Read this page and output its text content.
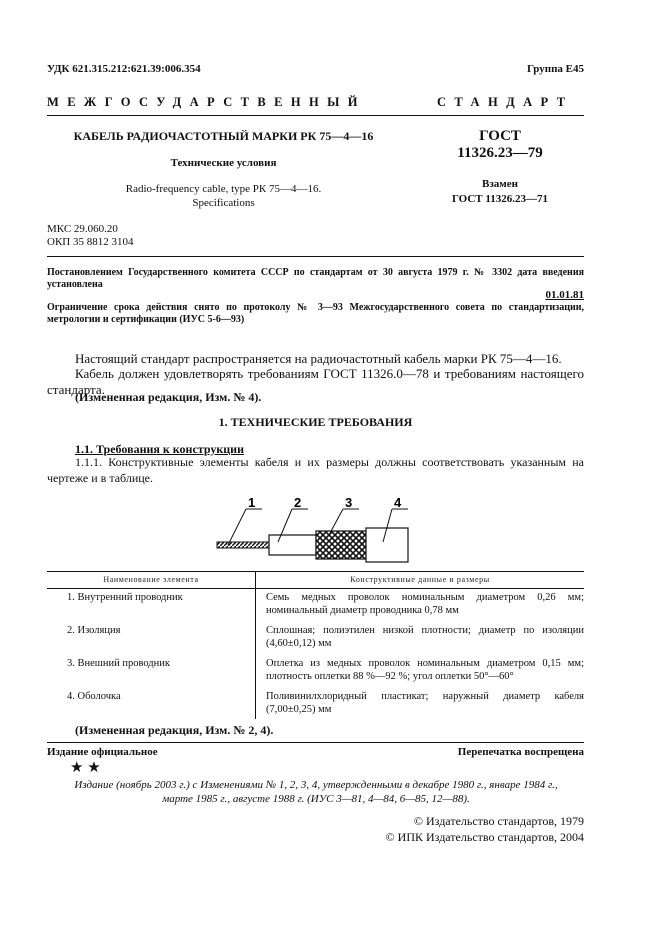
УДК 621.315.212:621.39:006.354	Группа Е45
МЕЖГОСУДАРСТВЕННЫЙ	СТАНДАРТ
КАБЕЛЬ РАДИОЧАСТОТНЫЙ МАРКИ РК 75—4—16
Технические условия
Radio-frequency cable, type РК 75—4—16.
Specifications
ГОСТ
11326.23—79
Взамен
ГОСТ 11326.23—71
МКС 29.060.20
ОКП 35 8812 3104
Постановлением Государственного комитета СССР по стандартам от 30 августа 1979 г. № 3302 дата введения установлена
01.01.81
Ограничение срока действия снято по протоколу № 3—93 Межгосударственного совета по стандартизации, метрологии и сертификации (ИУС 5-6—93)
Настоящий стандарт распространяется на радиочастотный кабель марки РК 75—4—16.
Кабель должен удовлетворять требованиям ГОСТ 11326.0—78 и требованиям настоящего стандарта.
(Измененная редакция, Изм. № 4).
1. ТЕХНИЧЕСКИЕ ТРЕБОВАНИЯ
1.1. Требования к конструкции
1.1.1. Конструктивные элементы кабеля и их размеры должны соответствовать указанным на чертеже и в таблице.
1	2	3	4
Наименование элемента	Конструктивные данные и размеры
1. Внутренний проводник	Семь медных проволок номинальным диаметром 0,26 мм; номинальный диаметр проводника 0,78 мм
2. Изоляция	Сплошная; полиэтилен низкой плотности; диаметр по изоляции (4,60±0,12) мм
3. Внешний проводник	Оплетка из медных проволок номинальным диаметром 0,15 мм; плотность оплетки 88 %—92 %; угол оплетки 50°—60°
4. Оболочка	Поливинилхлоридный пластикат; наружный диаметр кабеля (7,00±0,25) мм
(Измененная редакция, Изм. № 2, 4).
Издание официальное	Перепечатка воспрещена
★ ★
Издание (ноябрь 2003 г.) с Изменениями № 1, 2, 3, 4, утвержденными в декабре 1980 г., январе 1984 г., марте 1985 г., августе 1988 г. (ИУС 3—81, 4—84, 6—85, 12—88).
© Издательство стандартов, 1979
© ИПК Издательство стандартов, 2004
